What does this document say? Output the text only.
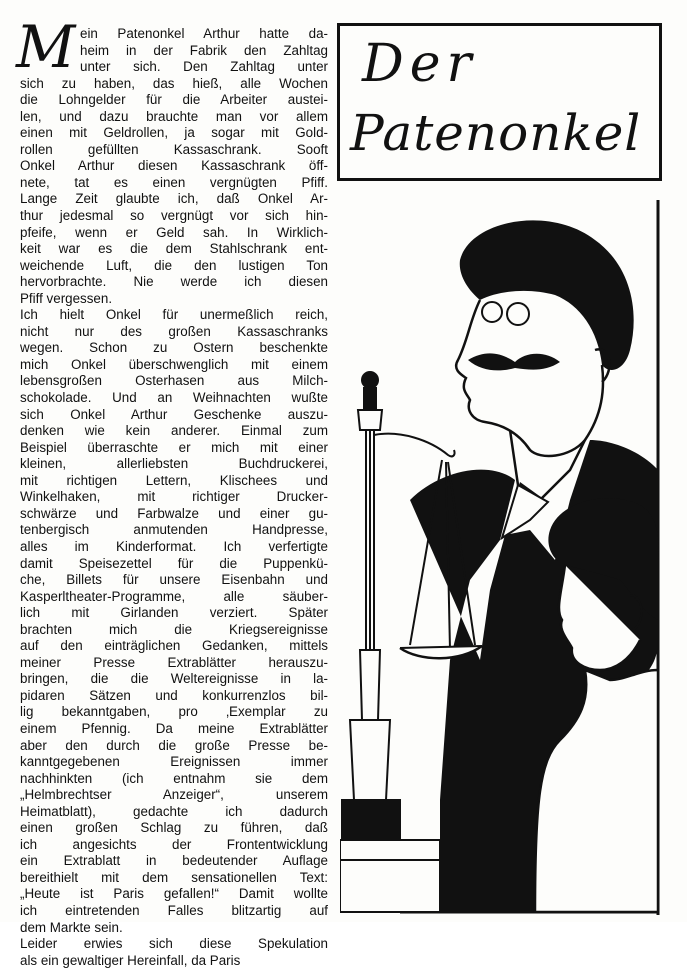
M ein Patenonkel Arthur hatte da-
heim in der Fabrik den Zahltag
unter sich. Den Zahltag unter
sich zu haben, das hieß, alle Wochen
die Lohngelder für die Arbeiter austei-
len, und dazu brauchte man vor allem
einen mit Geldrollen, ja sogar mit Gold-
rollen gefüllten Kassaschrank. Sooft
Onkel Arthur diesen Kassaschrank öff-
nete, tat es einen vergnügten Pfiff.
Lange Zeit glaubte ich, daß Onkel Ar-
thur jedesmal so vergnügt vor sich hin-
pfeife, wenn er Geld sah. In Wirklich-
keit war es die dem Stahlschrank ent-
weichende Luft, die den lustigen Ton
hervorbrachte. Nie werde ich diesen
Pfiff vergessen.
Ich hielt Onkel für unermeßlich reich,
nicht nur des großen Kassaschranks
wegen. Schon zu Ostern beschenkte
mich Onkel überschwenglich mit einem
lebensgroßen Osterhasen aus Milch-
schokolade. Und an Weihnachten wußte
sich Onkel Arthur Geschenke auszu-
denken wie kein anderer. Einmal zum
Beispiel überraschte er mich mit einer
kleinen, allerliebsten Buchdruckerei,
mit richtigen Lettern, Klischees und
Winkelhaken, mit richtiger Drucker-
schwärze und Farbwalze und einer gu-
tenbergisch anmutenden Handpresse,
alles im Kinderformat. Ich verfertigte
damit Speisezettel für die Puppenkü-
che, Billets für unsere Eisenbahn und
Kasperltheater-Programme, alle säuber-
lich mit Girlanden verziert. Später
brachten mich die Kriegsereignisse
auf den einträglichen Gedanken, mittels
meiner Presse Extrablätter herauszu-
bringen, die die Weltereignisse in la-
pidaren Sätzen und konkurrenzlos bil-
lig bekanntgaben, pro ‚Exemplar zu
einem Pfennig. Da meine Extrablätter
aber den durch die große Presse be-
kanntgegebenen Ereignissen immer
nachhinkten (ich entnahm sie dem
„Helmbrechtser Anzeiger“, unserem
Heimatblatt), gedachte ich dadurch
einen großen Schlag zu führen, daß
ich angesichts der Frontentwicklung
ein Extrablatt in bedeutender Auflage
bereithielt mit dem sensationellen Text:
„Heute ist Paris gefallen!“ Damit wollte
ich eintretenden Falles blitzartig auf
dem Markte sein.
Leider erwies sich diese Spekulation
als ein gewaltiger Hereinfall, da Paris
Der
Patenonkel
